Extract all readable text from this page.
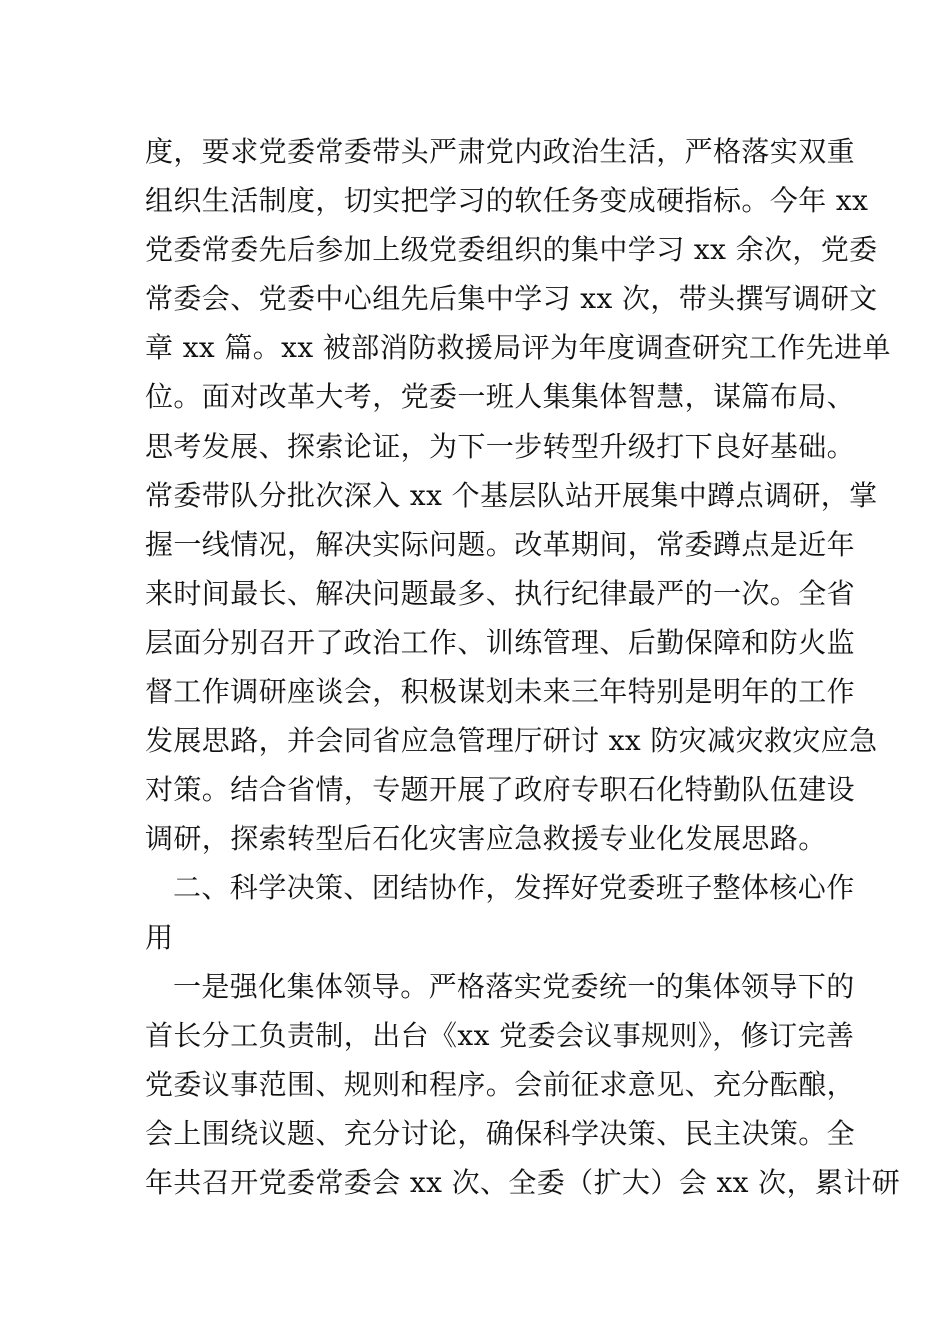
度，要求党委常委带头严肃党内政治生活，严格落实双重
组织生活制度，切实把学习的软任务变成硬指标。今年 xx
党委常委先后参加上级党委组织的集中学习 xx 余次，党委
常委会、党委中心组先后集中学习 xx 次，带头撰写调研文
章 xx 篇。xx 被部消防救援局评为年度调查研究工作先进单
位。面对改革大考，党委一班人集集体智慧，谋篇布局、
思考发展、探索论证，为下一步转型升级打下良好基础。
常委带队分批次深入 xx 个基层队站开展集中蹲点调研，掌
握一线情况，解决实际问题。改革期间，常委蹲点是近年
来时间最长、解决问题最多、执行纪律最严的一次。全省
层面分别召开了政治工作、训练管理、后勤保障和防火监
督工作调研座谈会，积极谋划未来三年特别是明年的工作
发展思路，并会同省应急管理厅研讨 xx 防灾减灾救灾应急
对策。结合省情，专题开展了政府专职石化特勤队伍建设
调研，探索转型后石化灾害应急救援专业化发展思路。
二、科学决策、团结协作，发挥好党委班子整体核心作
用
一是强化集体领导。严格落实党委统一的集体领导下的
首长分工负责制，出台《xx 党委会议事规则》，修订完善
党委议事范围、规则和程序。会前征求意见、充分酝酿，
会上围绕议题、充分讨论，确保科学决策、民主决策。全
年共召开党委常委会 xx 次、全委（扩大）会 xx 次，累计研
